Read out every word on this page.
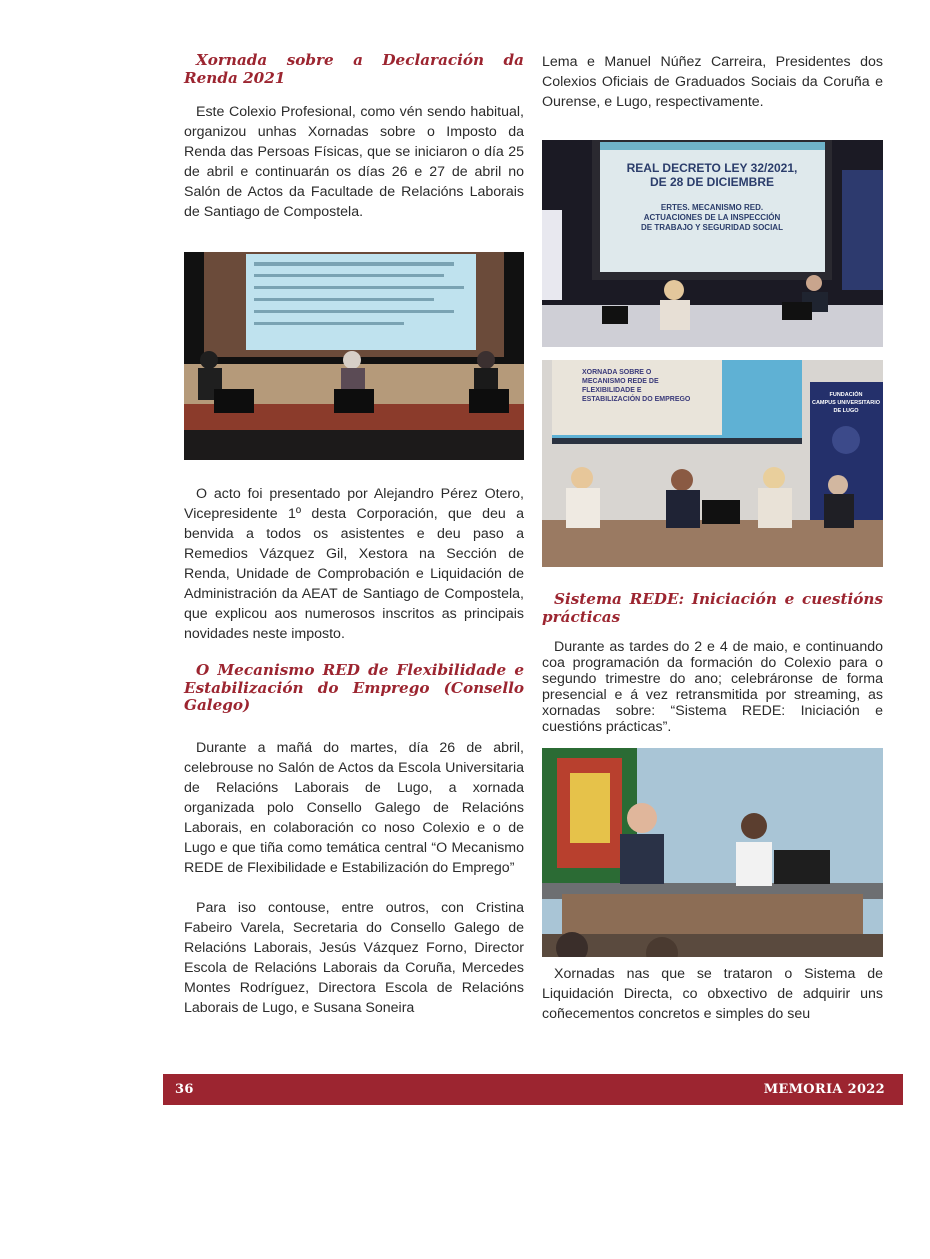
Xornada sobre a Declaración da Renda 2021

Este Colexio Profesional, como vén sendo habitual, organizou unhas Xornadas sobre o Imposto da Renda das Persoas Físicas, que se iniciaron o día 25 de abril e continuarán os días 26 e 27 de abril no Salón de Actos da Facultade de Relacións Laborais de Santiago de Compostela.

O acto foi presentado por Alejandro Pérez Otero, Vicepresidente 1º desta Corporación, que deu a benvida a todos os asistentes e deu paso a Remedios Vázquez Gil, Xestora na Sección de Renda, Unidade de Comprobación e Liquidación de Administración da AEAT de Santiago de Compostela, que explicou aos numerosos inscritos as principais novidades neste imposto.

O Mecanismo RED de Flexibilidade e Estabilización do Emprego (Consello Galego)

Durante a mañá do martes, día 26 de abril, celebrouse no Salón de Actos da Escola Universitaria de Relacións Laborais de Lugo, a xornada organizada polo Consello Galego de Relacións Laborais, en colaboración co noso Colexio e o de Lugo e que tiña como temática central “O Mecanismo REDE de Flexibilidade e Estabilización do Emprego”

Para iso contouse, entre outros, con Cristina Fabeiro Varela, Secretaria do Consello Galego de Relacións Laborais, Jesús Vázquez Forno, Director Escola de Relacións Laborais da Coruña, Mercedes Montes Rodríguez, Directora Escola de Relacións Laborais de Lugo, e Susana Soneira

Lema e Manuel Núñez Carreira, Presidentes dos Colexios Oficiais de Graduados Sociais da Coruña e Ourense, e Lugo, respectivamente.

REAL DECRETO LEY 32/2021,
DE 28 DE DICIEMBRE
ERTES. MECANISMO RED.
ACTUACIONES DE LA INSPECCIÓN
DE TRABAJO Y SEGURIDAD SOCIAL
XORNADA SOBRE O
MECANISMO REDE DE
FLEXIBILIDADE E
ESTABILIZACIÓN DO EMPREGO
FUNDACIÓN
CAMPUS UNIVERSITARIO
DE LUGO
Sistema REDE: Iniciación e cuestións prácticas

Durante as tardes do 2 e 4 de maio, e continuando coa programación da formación do Colexio para o segundo trimestre do ano; celebráronse de forma presencial e á vez retransmitida por streaming, as xornadas sobre: “Sistema REDE: Iniciación e cuestións prácticas”.

Xornadas nas que se trataron o Sistema de Liquidación Directa, co obxectivo de adquirir uns coñecementos concretos e simples do seu

36	MEMORIA 2022
